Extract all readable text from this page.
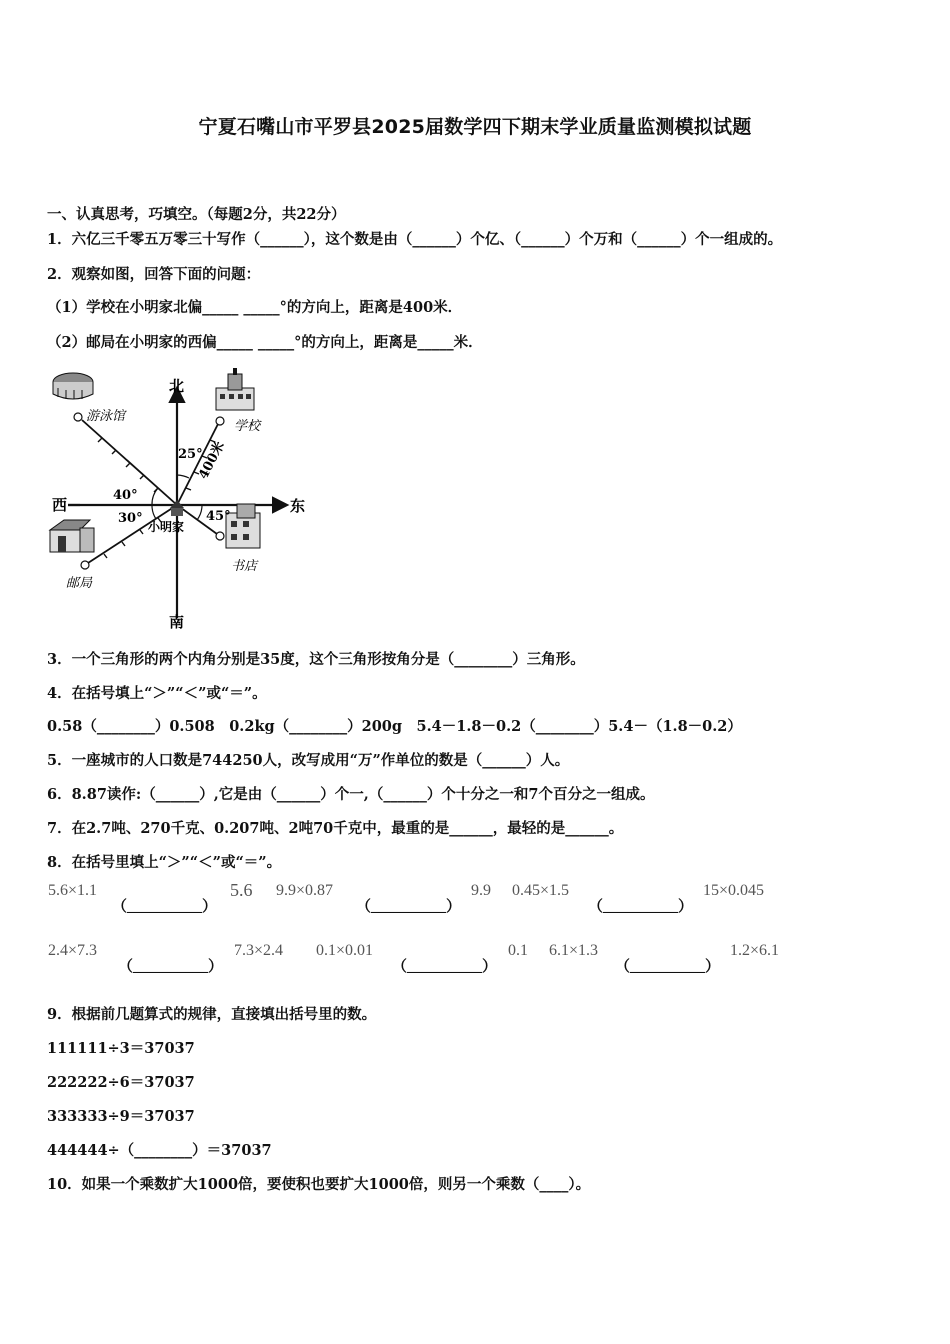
宁夏石嘴山市平罗县2025届数学四下期末学业质量监测模拟试题
一、认真思考，巧填空。（每题2分，共22分）
1．六亿三千零五万零三十写作（______），这个数是由（______）个亿、（______）个万和（______）个一组成的。
2．观察如图，回答下面的问题：
（1）学校在小明家北偏_____ _____°的方向上，距离是400米．
（2）邮局在小明家的西偏_____ _____°的方向上，距离是_____米．
北
南
西	东
游泳馆
学校
邮局
书店
小明家
25°
40°
30°	45°
400米
3．一个三角形的两个内角分别是35度，这个三角形按角分是（________）三角形。
4．在括号填上“＞”“＜”或“＝”。
0.58（________）0.508　0.2kg（________）200g　5.4－1.8－0.2（________）5.4－（1.8－0.2）
5．一座城市的人口数是744250人，改写成用“万”作单位的数是（______）人。
6．8.87读作:（______）,它是由（______）个一,（______）个十分之一和7个百分之一组成。
7．在2.7吨、270千克、0.207吨、2吨70千克中，最重的是______，最轻的是______。
8．在括号里填上“＞”“＜”或“＝”。
5.6×1.1
（__________）
5.6 9.9×0.87
（__________）
9.9 0.45×1.5
（__________）
15×0.045
2.4×7.3
（__________）
7.3×2.4 0.1×0.01
（__________）
0.1 6.1×1.3
（__________）
1.2×6.1
9．根据前几题算式的规律，直接填出括号里的数。
111111÷3＝37037
222222÷6＝37037
333333÷9＝37037
444444÷（________）＝37037
10．如果一个乘数扩大1000倍，要使积也要扩大1000倍，则另一个乘数（____）。
